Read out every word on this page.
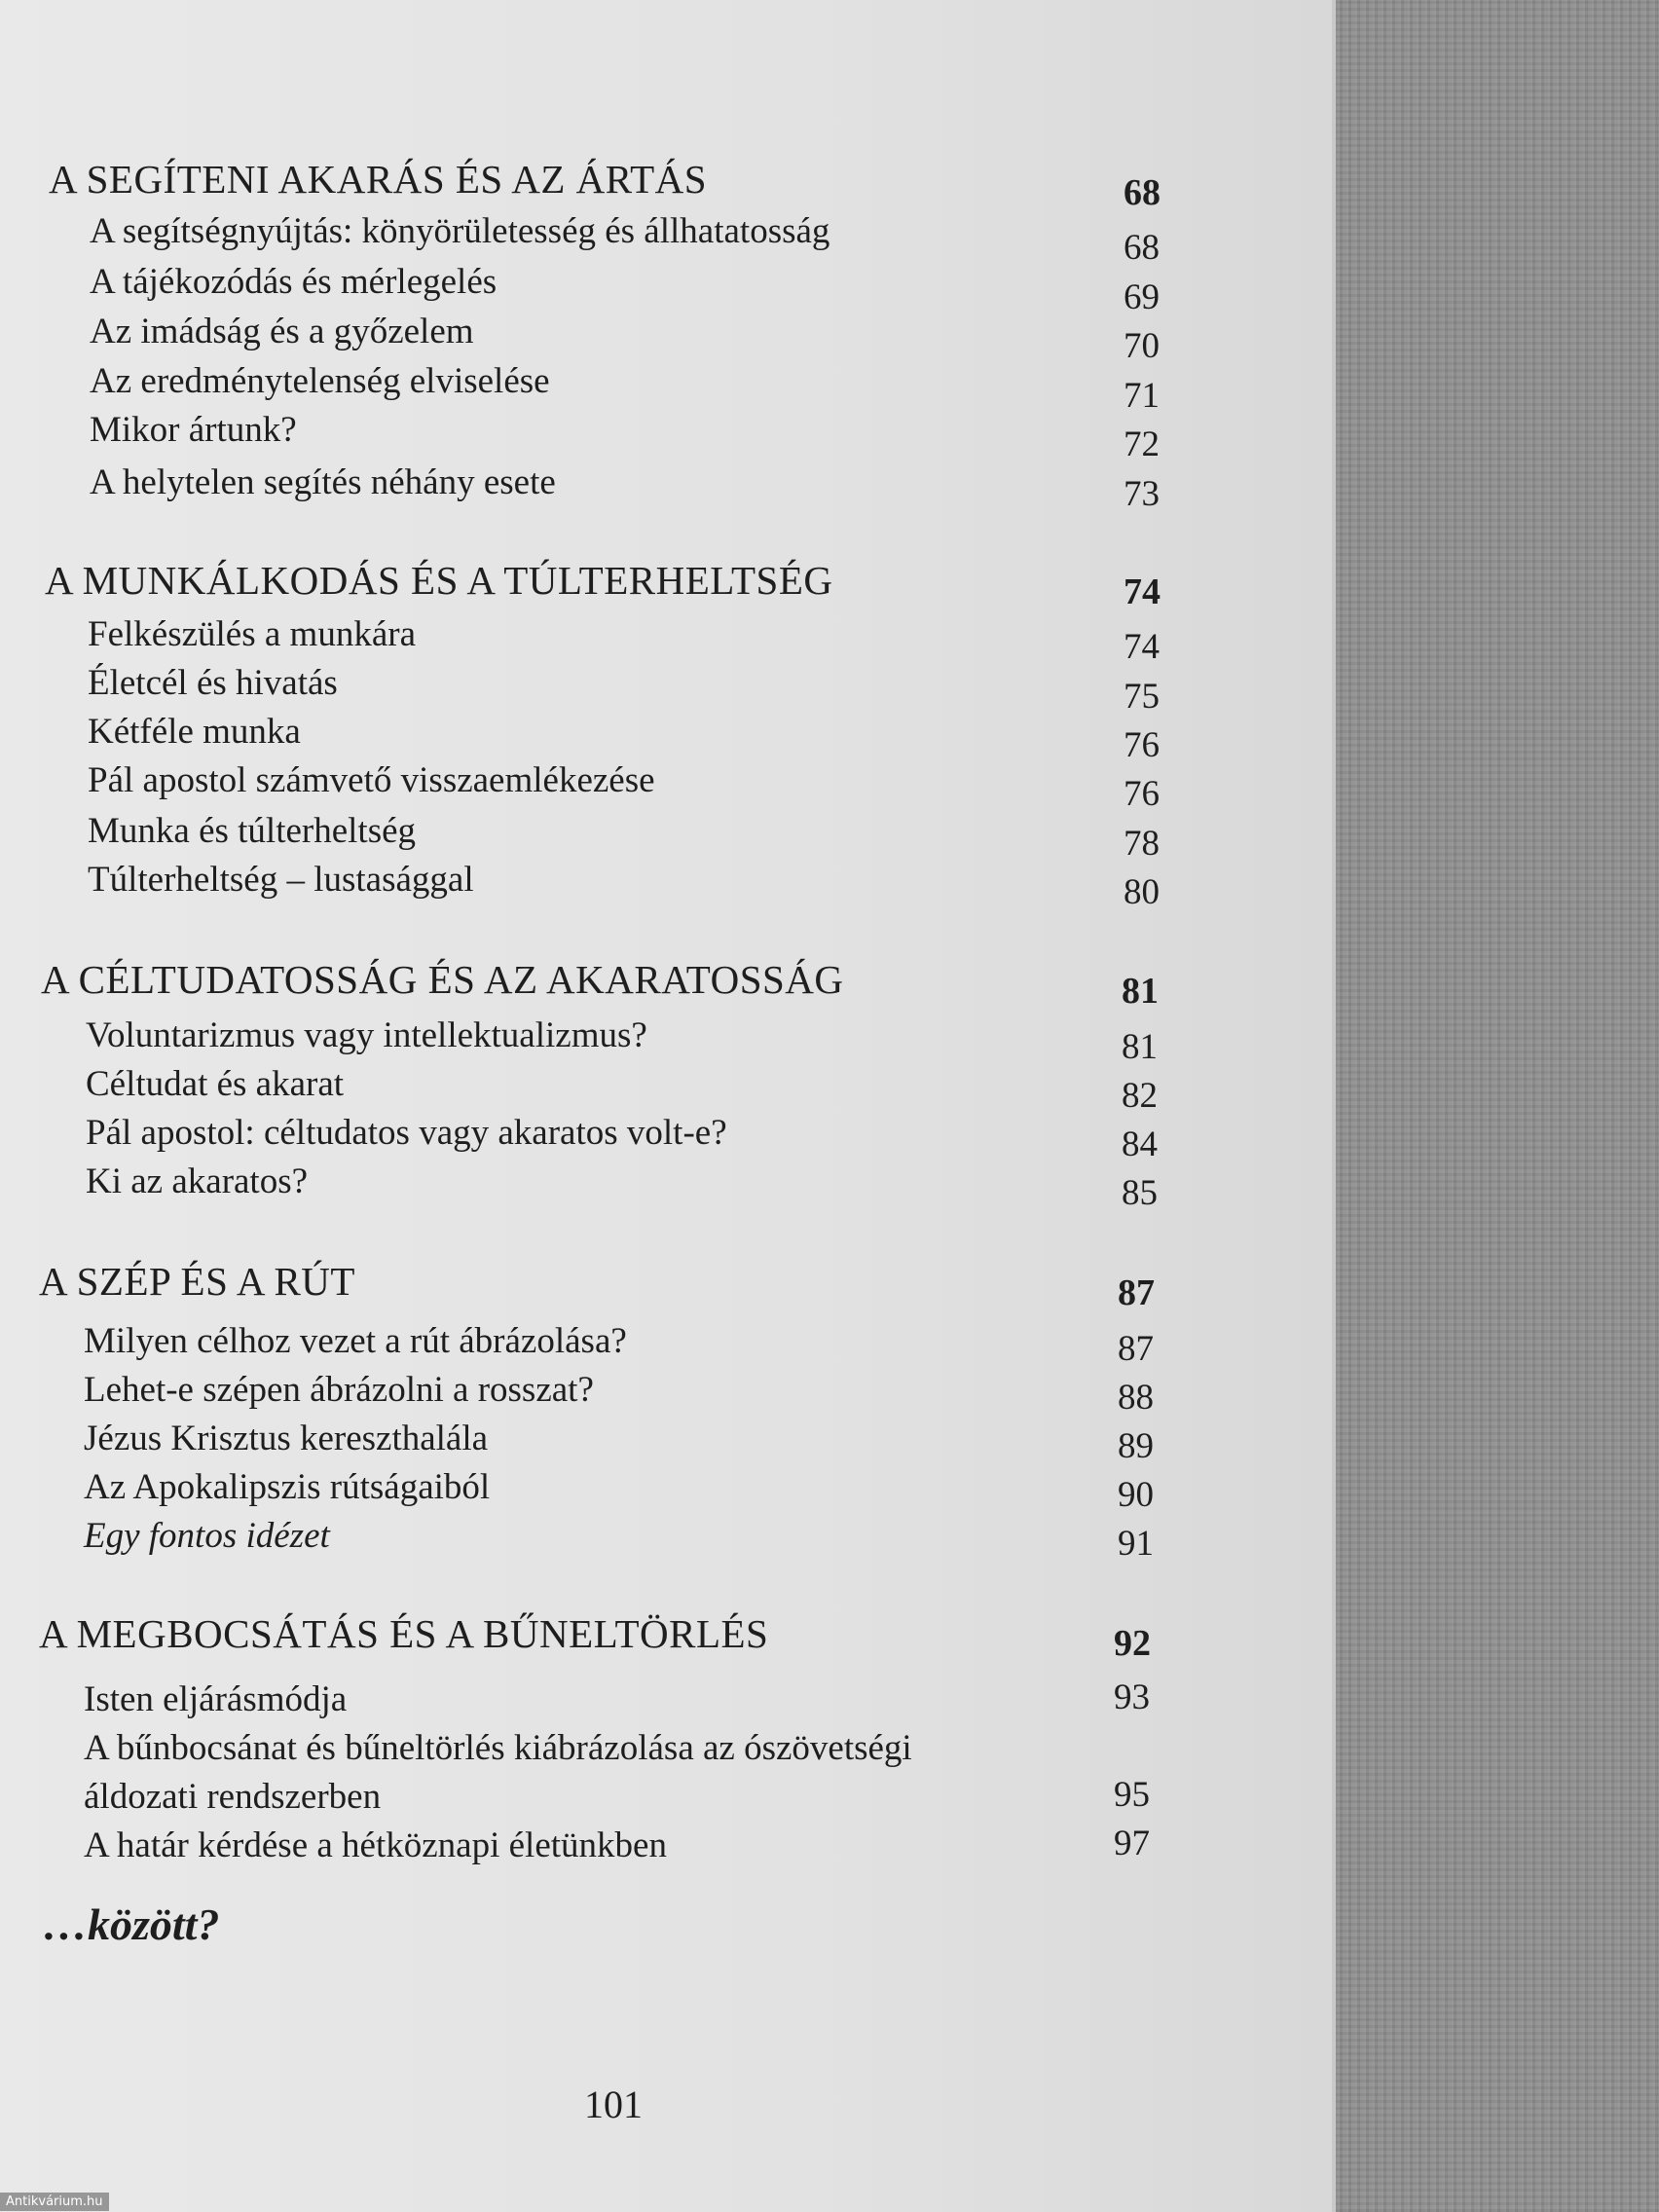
A SEGÍTENI AKARÁS ÉS AZ ÁRTÁS	68

A segítségnyújtás: könyörületesség és állhatatosság	68

A tájékozódás és mérlegelés	69

Az imádság és a győzelem	70

Az eredménytelenség elviselése	71

Mikor ártunk?	72

A helytelen segítés néhány esete	73

A MUNKÁLKODÁS ÉS A TÚLTERHELTSÉG	74

Felkészülés a munkára	74

Életcél és hivatás	75

Kétféle munka	76

Pál apostol számvető visszaemlékezése	76

Munka és túlterheltség	78

Túlterheltség – lustasággal	80

A CÉLTUDATOSSÁG ÉS AZ AKARATOSSÁG	81

Voluntarizmus vagy intellektualizmus?	81

Céltudat és akarat	82

Pál apostol: céltudatos vagy akaratos volt-e?	84

Ki az akaratos?	85

A SZÉP ÉS A RÚT	87

Milyen célhoz vezet a rút ábrázolása?	87

Lehet-e szépen ábrázolni a rosszat?	88

Jézus Krisztus kereszthalála	89

Az Apokalipszis rútságaiból	90

Egy fontos idézet	91

A MEGBOCSÁTÁS ÉS A BŰNELTÖRLÉS	92

Isten eljárásmódja	93

A bűnbocsánat és bűneltörlés kiábrázolása az ószövetségi

áldozati rendszerben	95

A határ kérdése a hétköznapi életünkben	97

…között?

101

Antikvárium.hu
